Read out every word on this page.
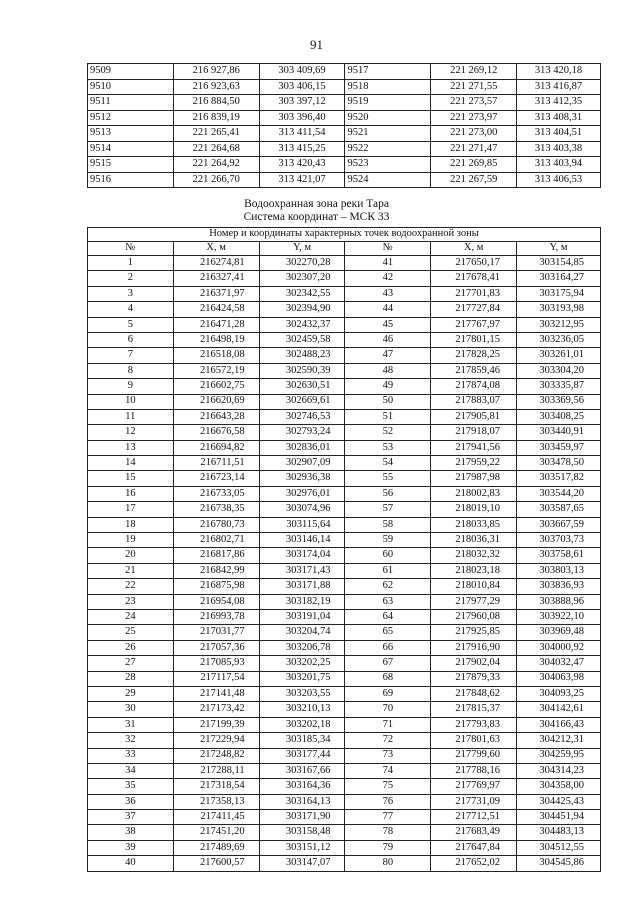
91
9509	216 927,86	303 409,69	9517	221 269,12	313 420,18
9510	216 923,63	303 406,15	9518	221 271,55	313 416,87
9511	216 884,50	303 397,12	9519	221 273,57	313 412,35
9512	216 839,19	303 396,40	9520	221 273,97	313 408,31
9513	221 265,41	313 411,54	9521	221 273,00	313 404,51
9514	221 264,68	313 415,25	9522	221 271,47	313 403,38
9515	221 264,92	313 420,43	9523	221 269,85	313 403,94
9516	221 266,70	313 421,07	9524	221 267,59	313 406,53
Водоохранная зона реки Тара
Система координат – МСК 33
Номер и координаты характерных точек водоохранной зоны					
№	X, м	Y, м	№	X, м	Y, м
1	216274,81	302270,28	41	217650,17	303154,85
2	216327,41	302307,20	42	217678,41	303164,27
3	216371,97	302342,55	43	217701,83	303175,94
4	216424,58	302394,90	44	217727,84	303193,98
5	216471,28	302432,37	45	217767,97	303212,95
6	216498,19	302459,58	46	217801,15	303236,05
7	216518,08	302488,23	47	217828,25	303261,01
8	216572,19	302590,39	48	217859,46	303304,20
9	216602,75	302630,51	49	217874,08	303335,87
10	216620,69	302669,61	50	217883,07	303369,56
11	216643,28	302746,53	51	217905,81	303408,25
12	216676,58	302793,24	52	217918,07	303440,91
13	216694,82	302836,01	53	217941,56	303459,97
14	216711,51	302907,09	54	217959,22	303478,50
15	216723,14	302936,38	55	217987,98	303517,82
16	216733,05	302976,01	56	218002,83	303544,20
17	216738,35	303074,96	57	218019,10	303587,65
18	216780,73	303115,64	58	218033,85	303667,59
19	216802,71	303146,14	59	218036,31	303703,73
20	216817,86	303174,04	60	218032,32	303758,61
21	216842,99	303171,43	61	218023,18	303803,13
22	216875,98	303171,88	62	218010,84	303836,93
23	216954,08	303182,19	63	217977,29	303888,96
24	216993,78	303191,04	64	217960,08	303922,10
25	217031,77	303204,74	65	217925,85	303969,48
26	217057,36	303206,78	66	217916,90	304000,92
27	217085,93	303202,25	67	217902,04	304032,47
28	217117,54	303201,75	68	217879,33	304063,98
29	217141,48	303203,55	69	217848,62	304093,25
30	217173,42	303210,13	70	217815,37	304142,61
31	217199,39	303202,18	71	217793,83	304166,43
32	217229,94	303185,34	72	217801,63	304212,31
33	217248,82	303177,44	73	217799,60	304259,95
34	217288,11	303167,66	74	217788,16	304314,23
35	217318,54	303164,36	75	217769,97	304358,00
36	217358,13	303164,13	76	217731,09	304425,43
37	217411,45	303171,90	77	217712,51	304451,94
38	217451,20	303158,48	78	217683,49	304483,13
39	217489,69	303151,12	79	217647,84	304512,55
40	217600,57	303147,07	80	217652,02	304545,86
